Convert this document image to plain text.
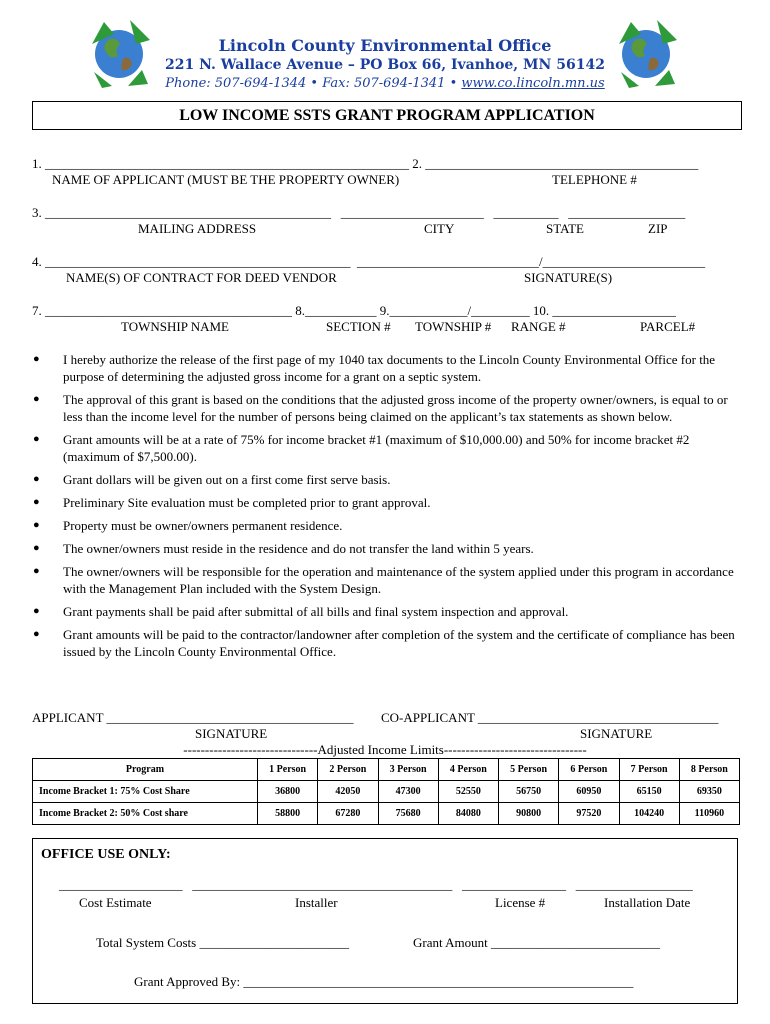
Lincoln County Environmental Office
221 N. Wallace Avenue – PO Box 66, Ivanhoe, MN 56142
Phone: 507-694-1344 • Fax: 507-694-1341 • www.co.lincoln.mn.us
LOW INCOME SSTS GRANT PROGRAM APPLICATION
1. ________________________________________________________ 2. __________________________________________
NAME OF APPLICANT (MUST BE THE PROPERTY OWNER)	TELEPHONE #
3. ____________________________________________   ______________________   __________   __________________
MAILING ADDRESS	CITY	STATE	ZIP
4. _______________________________________________  ____________________________/_________________________
NAME(S) OF CONTRACT FOR DEED VENDOR	SIGNATURE(S)
7. ______________________________________ 8.___________ 9.____________/_________ 10. ___________________
TOWNSHIP NAME	SECTION # TOWNSHIP # RANGE #	PARCEL#
● I hereby authorize the release of the first page of my 1040 tax documents to the Lincoln County Environmental Office for the purpose of determining the adjusted gross income for a grant on a septic system.
● The approval of this grant is based on the conditions that the adjusted gross income of the property owner/owners, is equal to or less than the income level for the number of persons being claimed on the applicant’s tax statements as shown below.
● Grant amounts will be at a rate of 75% for income bracket #1 (maximum of $10,000.00) and 50% for income bracket #2 (maximum of $7,500.00).
● Grant dollars will be given out on a first come first serve basis.
● Preliminary Site evaluation must be completed prior to grant approval.
● Property must be owner/owners permanent residence.
● The owner/owners must reside in the residence and do not transfer the land within 5 years.
● The owner/owners will be responsible for the operation and maintenance of the system applied under this program in accordance with the Management Plan included with the System Design.
● Grant payments shall be paid after submittal of all bills and final system inspection and approval.
● Grant amounts will be paid to the contractor/landowner after completion of the system and the certificate of compliance has been issued by the Lincoln County Environmental Office.
APPLICANT ______________________________________ CO-APPLICANT _____________________________________
SIGNATURE	SIGNATURE
-------------------------------Adjusted Income Limits---------------------------------
Program	1 Person	2 Person	3 Person	4 Person	5 Person	6 Person	7 Person	8 Person
Income Bracket 1: 75% Cost Share	36800	42050	47300	52550	56750	60950	65150	69350
Income Bracket 2: 50% Cost share	58800	67280	75680	84080	90800	97520	104240	110960
OFFICE USE ONLY:
___________________   ________________________________________   ________________   __________________
Cost Estimate	Installer	License #	Installation Date
Total System Costs _______________________	Grant Amount __________________________
Grant Approved By: ____________________________________________________________
